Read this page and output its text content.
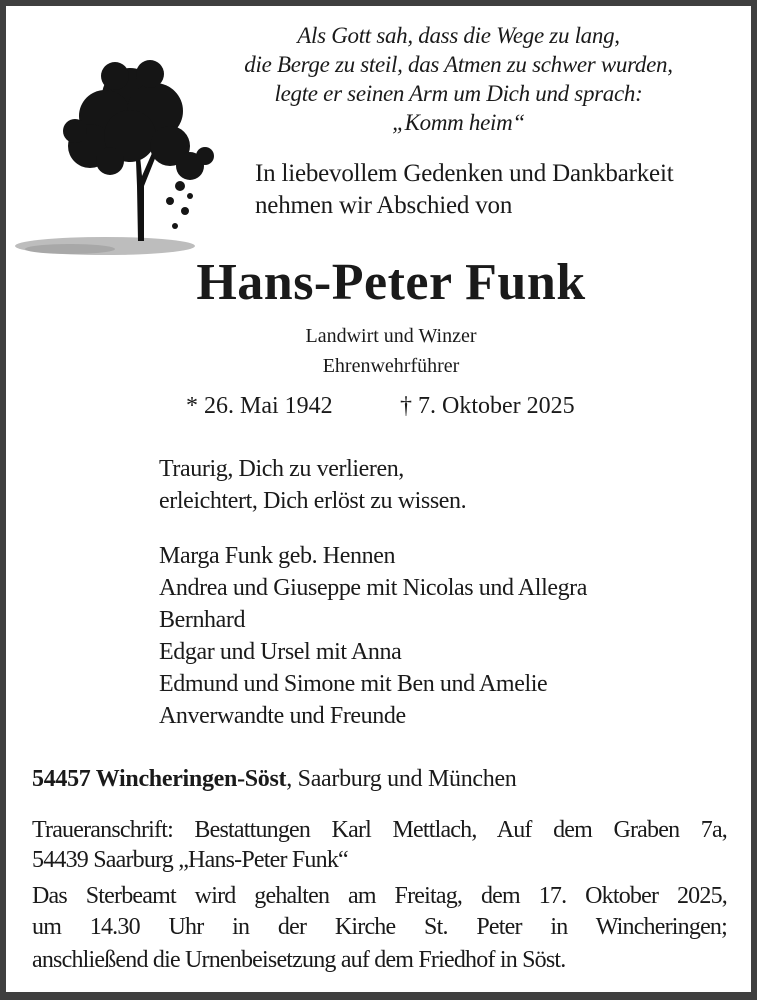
Als Gott sah, dass die Wege zu lang,
die Berge zu steil, das Atmen zu schwer wurden,
legte er seinen Arm um Dich und sprach:
„Komm heim“
In liebevollem Gedenken und Dankbarkeit
nehmen wir Abschied von
Hans-Peter Funk
Landwirt und Winzer
Ehrenwehrführer
* 26. Mai 1942	† 7. Oktober 2025
Traurig, Dich zu verlieren,
erleichtert, Dich erlöst zu wissen.
Marga Funk geb. Hennen
Andrea und Giuseppe mit Nicolas und Allegra
Bernhard
Edgar und Ursel mit Anna
Edmund und Simone mit Ben und Amelie
Anverwandte und Freunde
54457 Wincheringen-Söst, Saarburg und München
Traueranschrift: Bestattungen Karl Mettlach, Auf dem Graben 7a,
54439 Saarburg „Hans-Peter Funk“
Das Sterbeamt wird gehalten am Freitag, dem 17. Oktober 2025,
um 14.30 Uhr in der Kirche St. Peter in Wincheringen;
anschließend die Urnenbeisetzung auf dem Friedhof in Söst.
